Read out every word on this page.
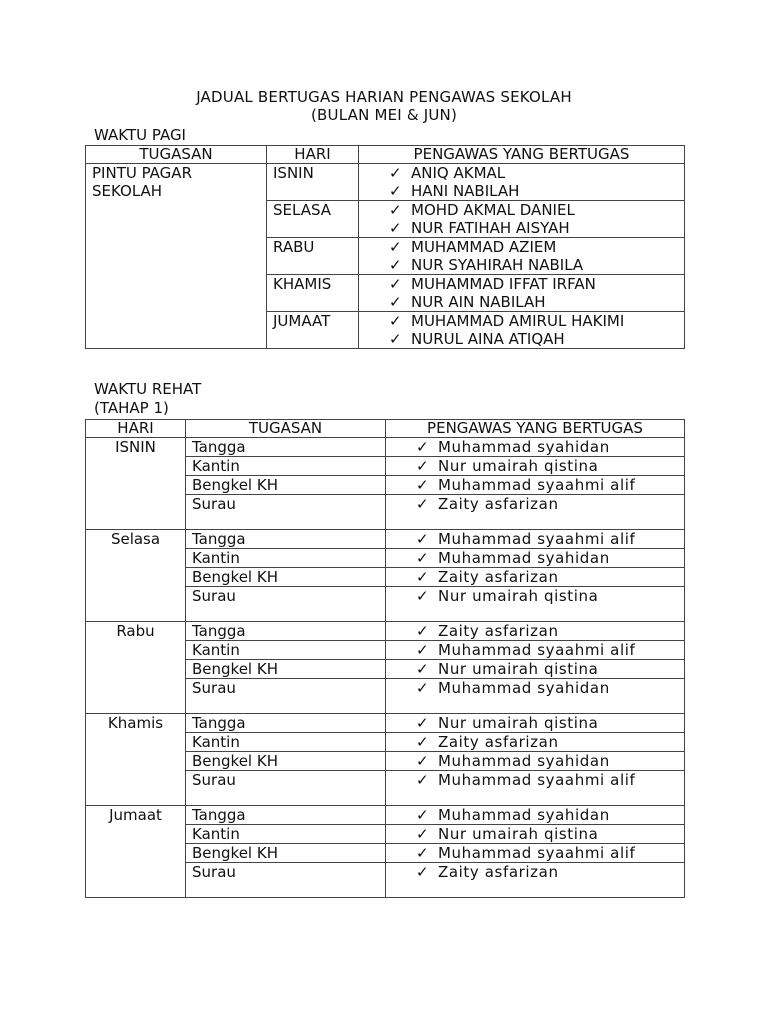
JADUAL BERTUGAS HARIAN PENGAWAS SEKOLAH
(BULAN MEI & JUN)
WAKTU PAGI
TUGASAN	HARI	PENGAWAS YANG BERTUGAS

PINTU PAGAR
SEKOLAH	ISNIN	✓ ANIQ AKMAL
✓ HANI NABILAH

	SELASA	✓ MOHD AKMAL DANIEL
✓ NUR FATIHAH AISYAH

	RABU	✓ MUHAMMAD AZIEM
✓ NUR SYAHIRAH NABILA

	KHAMIS	✓ MUHAMMAD IFFAT IRFAN
✓ NUR AIN NABILAH

	JUMAAT	✓ MUHAMMAD AMIRUL HAKIMI
✓ NURUL AINA ATIQAH
WAKTU REHAT
(TAHAP 1)
HARI	TUGASAN	PENGAWAS YANG BERTUGAS
ISNIN	Tangga	✓ Muhammad syahidan
	Kantin	✓ Nur umairah qistina
	Bengkel KH	✓ Muhammad syaahmi alif
	Surau	✓ Zaity asfarizan
Selasa	Tangga	✓ Muhammad syaahmi alif
	Kantin	✓ Muhammad syahidan
	Bengkel KH	✓ Zaity asfarizan
	Surau	✓ Nur umairah qistina
Rabu	Tangga	✓ Zaity asfarizan
	Kantin	✓ Muhammad syaahmi alif
	Bengkel KH	✓ Nur umairah qistina
	Surau	✓ Muhammad syahidan
Khamis	Tangga	✓ Nur umairah qistina
	Kantin	✓ Zaity asfarizan
	Bengkel KH	✓ Muhammad syahidan
	Surau	✓ Muhammad syaahmi alif
Jumaat	Tangga	✓ Muhammad syahidan
	Kantin	✓ Nur umairah qistina
	Bengkel KH	✓ Muhammad syaahmi alif
	Surau	✓ Zaity asfarizan
